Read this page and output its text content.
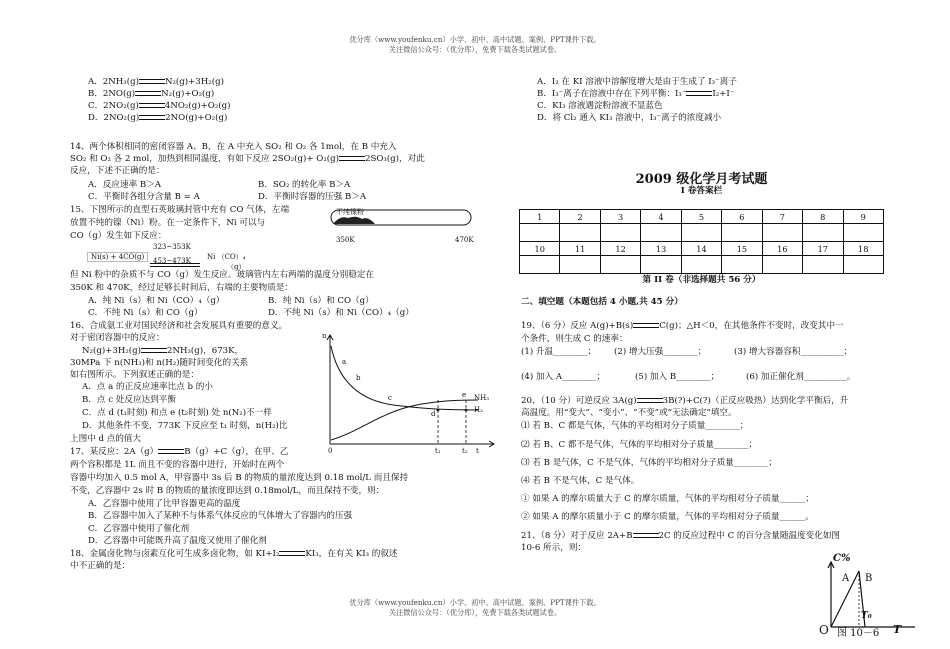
优分库（www.youfenku.cn）小学、初中、高中试题、案例、PPT课件下载。
关注微信公众号：（优分库），免费下载各类试题试卷。
A．2NH₃(g)	N₂(g)+3H₂(g)
B．2NO(g)	N₂(g)+O₂(g)
C．2NO₂(g)	4NO₂(g)+O₂(g)
D．2NO₂(g)	2NO(g)+O₂(g)
14、两个体积相同的密闭容器 A、B，在 A 中充入 SO₂ 和 O₂ 各 1mol，在 B 中充入
SO₂ 和 O₂ 各 2 mol，加热到相同温度，有如下反应 2SO₂(g)+ O₂(g)	2SO₃(g)，对此
反应，下述不正确的是：
A．反应速率 B＞A	B．SO₂ 的转化率 B＞A
C．平衡时各组分含量 B = A	D．平衡时容器的压强 B＞A
15、下图所示的直型石英玻璃封管中充有 CO 气体，左端
放置不纯的镍（Ni）粉。在一定条件下，Ni 可以与
CO（g）发生如下反应：
不纯镍粉
350K	470K
Ni(s) + 4CO(g)
323~353K
453~473K Ni （CO）₄
（g）
但 Ni 粉中的杂质不与 CO（g）发生反应。玻璃管内左右两端的温度分别稳定在
350K 和 470K，经过足够长时间后，右端的主要物质是：
A．纯 Ni（s）和 Ni（CO）₄（g）	B．纯 Ni（s）和 CO（g）
C．不纯 Ni（s）和 CO（g）	D．不纯 Ni（s）和 Ni（CO）₄（g）
16、合成氨工业对国民经济和社会发展具有重要的意义。
对于密闭容器中的反应：
N₂(g)+3H₂(g)	2NH₃(g)，673K，
30MPa 下 n(NH₃)和 n(H₂)随时间变化的关系
如右图所示。下列叙述正确的是：
A．点 a 的正反应速率比点 b 的小
B．点 c 处反应达到平衡
C．点 d (t₁时刻) 和点 e (t₂时刻) 处 n(N₂)不一样
D．其他条件不变，773K 下反应至 t₁ 时刻，n(H₂)比
上图中 d 点的值大
n
a
b
c
d
e NH₃
H₂
0	t₁	t₂ t
17、某反应：2A（g）	B（g）+C（g），在甲、乙
两个容积都是 1L 而且不变的容器中进行，开始时在两个
容器中均加入 0.5 mol A，甲容器中 3s 后 B 的物质的量浓度达到 0.18 mol/L 而且保持
不变，乙容器中 2s 时 B 的物质的量浓度即达到 0.18mol/L，而且保持不变，则：
A．乙容器中使用了比甲容器更高的温度
B．乙容器中加入了某种不与体系气体反应的气体增大了容器内的压强
C．乙容器中使用了催化剂
D．乙容器中可能既升高了温度又使用了催化剂
18、金属卤化物与卤素互化可生成多卤化物，如 KI+I₂	KI₃，在有关 KI₃ 的叙述
中不正确的是：
A．I₂ 在 KI 溶液中溶解度增大是由于生成了 I₃⁻离子
B．I₃⁻离子在溶液中存在下列平衡：I₃⁻	I₂+I⁻
C．KI₃ 溶液遇淀粉溶液不显蓝色
D．将 Cl₂ 通入 KI₃ 溶液中，I₃⁻离子的浓度减小
2009 级化学月考试题
I 卷答案栏
1	2	3	4	5	6	7	8	9

10	11	12	13	14	15	16	17	18

第 II 卷（非选择题共 56 分）
二、填空题（本题包括 4 小题,共 45 分）
19、（6 分）反应 A(g)+B(s)	C(g)；△H＜0，在其他条件不变时，改变其中一
个条件，则生成 C 的速率：
(1) 升温________； (2) 增大压强________；	(3) 增大容器容积__________；
(4) 加入 A________；	(5) 加入 B________；	(6) 加正催化剂__________。
20、（10 分）可逆反应 3A(g)	3B(?)+C(?)（正反应吸热）达到化学平衡后，升
高温度。用“变大”、“变小”、“不变”或“无法确定”填空。
⑴ 若 B、C 都是气体，气体的平均相对分子质量________；
⑵ 若 B、C 都不是气体，气体的平均相对分子质量________；
⑶ 若 B 是气体，C 不是气体，气体的平均相对分子质量________；
⑷ 若 B 不是气体，C 是气体。
① 如果 A 的摩尔质量大于 C 的摩尔质量，气体的平均相对分子质量______；
② 如果 A 的摩尔质量小于 C 的摩尔质量，气体的平均相对分子质量______。
21、（8 分）对于反应 2A+B	2C 的反应过程中 C 的百分含量随温度变化如图
10-6 所示，则：
C%
A B
T₀
O 图 10－6 T
优分库（www.youfenku.cn）小学、初中、高中试题、案例、PPT课件下载。
关注微信公众号：（优分库），免费下载各类试题试卷。
